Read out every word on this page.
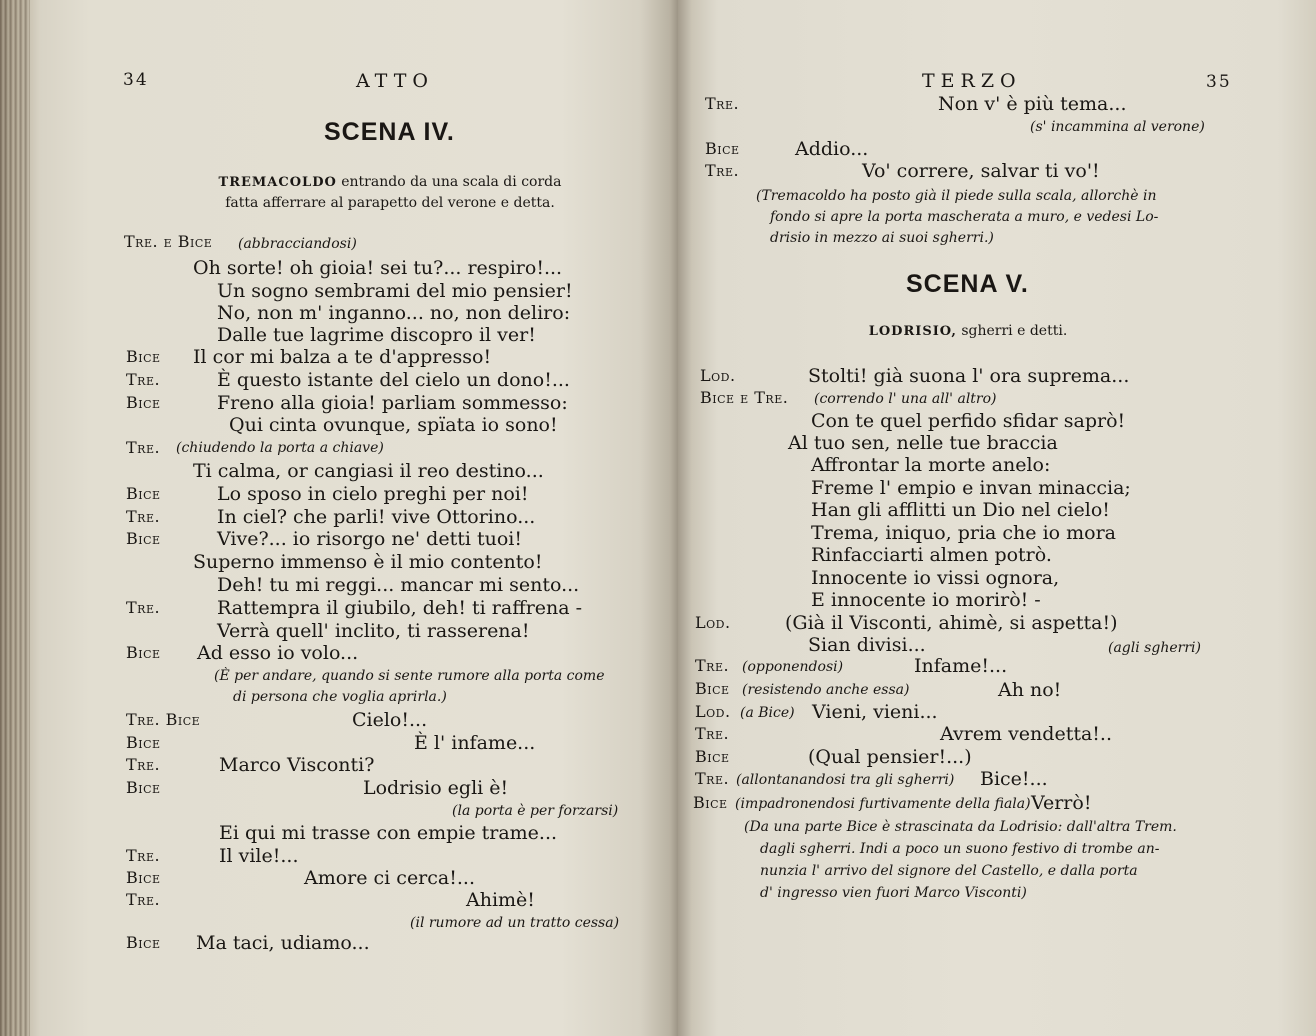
34	ATTO
SCENA IV.
TREMACOLDO entrando da una scala di corda
fatta afferrare al parapetto del verone e detta.
Tre. e Bice (abbracciandosi)
Oh sorte! oh gioia! sei tu?... respiro!...
Un sogno sembrami del mio pensier!
No, non m' inganno... no, non deliro:
Dalle tue lagrime discopro il ver!
Bice Il cor mi balza a te d'appresso!
Tre.	È questo istante del cielo un dono!...
Bice	Freno alla gioia! parliam sommesso:
Qui cinta ovunque, spïata io sono!
Tre. (chiudendo la porta a chiave)
Ti calma, or cangiasi il reo destino...
Bice	Lo sposo in cielo preghi per noi!
Tre.	In ciel? che parli! vive Ottorino...
Bice	Vive?... io risorgo ne' detti tuoi!
Superno immenso è il mio contento!
Deh! tu mi reggi... mancar mi sento...
Tre.	Rattempra il giubilo, deh! ti raffrena -
Verrà quell' inclito, ti rasserena!
Bice Ad esso io volo...
(È per andare, quando si sente rumore alla porta come
di persona che voglia aprirla.)
Tre. Bice	Cielo!...
Bice	È l' infame...
Tre.	Marco Visconti?
Bice	Lodrisio egli è!
(la porta è per forzarsi)
Ei qui mi trasse con empie trame...
Tre.	Il vile!...
Bice	Amore ci cerca!...
Tre.	Ahimè!
(il rumore ad un tratto cessa)
Bice Ma taci, udiamo...
TERZO	35
Tre.	Non v' è più tema...
(s' incammina al verone)
Bice	Addio...
Tre.	Vo' correre, salvar ti vo'!
(Tremacoldo ha posto già il piede sulla scala, allorchè in
fondo si apre la porta mascherata a muro, e vedesi Lo-
drisio in mezzo ai suoi sgherri.)
SCENA V.
LODRISIO, sgherri e detti.
Lod.	Stolti! già suona l' ora suprema...
Bice e Tre. (correndo l' una all' altro)
Con te quel perfido sfidar saprò!
Al tuo sen, nelle tue braccia
Affrontar la morte anelo:
Freme l' empio e invan minaccia;
Han gli afflitti un Dio nel cielo!
Trema, iniquo, pria che io mora
Rinfacciarti almen potrò.
Innocente io vissi ognora,
E innocente io morirò! -
Lod.	(Già il Visconti, ahimè, si aspetta!)
Sian divisi...	(agli sgherri)
Tre. (opponendosi)	Infame!...
Bice (resistendo anche essa)	Ah no!
Lod. (a Bice) Vieni, vieni...
Tre.	Avrem vendetta!..
Bice	(Qual pensier!...)
Tre. (allontanandosi tra gli sgherri) Bice!...
Bice (impadronendosi furtivamente della fiala) Verrò!
(Da una parte Bice è strascinata da Lodrisio: dall'altra Trem.
dagli sgherri. Indi a poco un suono festivo di trombe an-
nunzia l' arrivo del signore del Castello, e dalla porta
d' ingresso vien fuori Marco Visconti)
